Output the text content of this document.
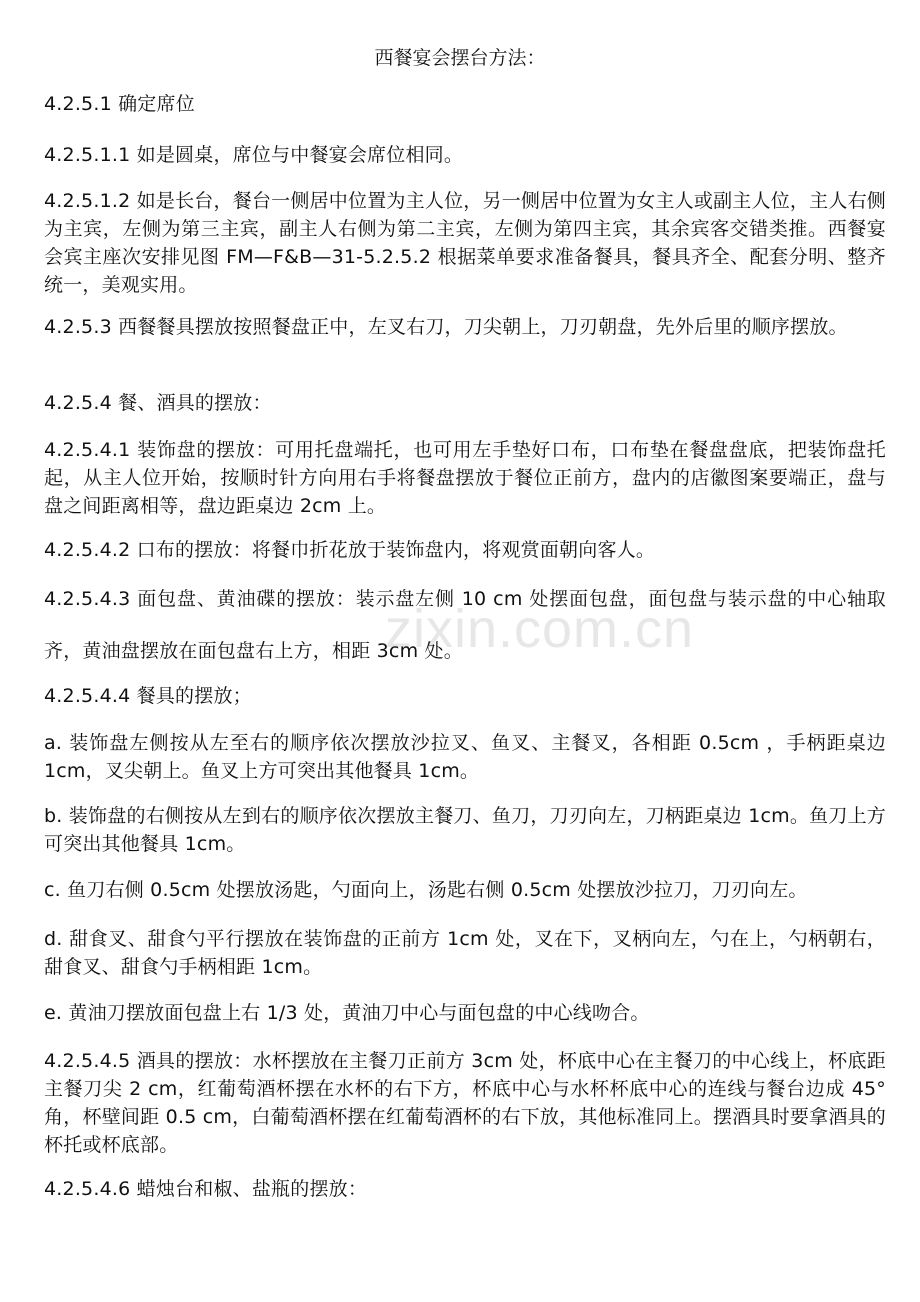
zixin.com.cn
西餐宴会摆台方法：
4.2.5.1 确定席位
4.2.5.1.1 如是圆桌，席位与中餐宴会席位相同。
4.2.5.1.2 如是长台，餐台一侧居中位置为主人位，另一侧居中位置为女主人或副主人位，主人右侧为主宾，左侧为第三主宾，副主人右侧为第二主宾，左侧为第四主宾，其余宾客交错类推。西餐宴会宾主座次安排见图 FM—F&B—31-5.2.5.2 根据菜单要求准备餐具，餐具齐全、配套分明、整齐统一，美观实用。
4.2.5.3 西餐餐具摆放按照餐盘正中，左叉右刀，刀尖朝上，刀刃朝盘，先外后里的顺序摆放。
4.2.5.4 餐、酒具的摆放：
4.2.5.4.1 装饰盘的摆放：可用托盘端托，也可用左手垫好口布，口布垫在餐盘盘底，把装饰盘托起，从主人位开始，按顺时针方向用右手将餐盘摆放于餐位正前方，盘内的店徽图案要端正，盘与盘之间距离相等，盘边距桌边 2cm 上。
4.2.5.4.2 口布的摆放：将餐巾折花放于装饰盘内，将观赏面朝向客人。
4.2.5.4.3 面包盘、黄油碟的摆放：装示盘左侧 10 cm 处摆面包盘，面包盘与装示盘的中心轴取齐，黄油盘摆放在面包盘右上方，相距 3cm 处。
4.2.5.4.4 餐具的摆放；
a. 装饰盘左侧按从左至右的顺序依次摆放沙拉叉、鱼叉、主餐叉，各相距 0.5cm ，手柄距桌边 1cm，叉尖朝上。鱼叉上方可突出其他餐具 1cm。
b. 装饰盘的右侧按从左到右的顺序依次摆放主餐刀、鱼刀，刀刃向左，刀柄距桌边 1cm。鱼刀上方可突出其他餐具 1cm。
c. 鱼刀右侧 0.5cm 处摆放汤匙，勺面向上，汤匙右侧 0.5cm 处摆放沙拉刀，刀刃向左。
d. 甜食叉、甜食勺平行摆放在装饰盘的正前方 1cm 处，叉在下，叉柄向左，勺在上，勺柄朝右，甜食叉、甜食勺手柄相距 1cm。
e. 黄油刀摆放面包盘上右 1/3 处，黄油刀中心与面包盘的中心线吻合。
4.2.5.4.5 酒具的摆放：水杯摆放在主餐刀正前方 3cm 处，杯底中心在主餐刀的中心线上，杯底距主餐刀尖 2 cm，红葡萄酒杯摆在水杯的右下方，杯底中心与水杯杯底中心的连线与餐台边成 45°角，杯壁间距 0.5 cm，白葡萄酒杯摆在红葡萄酒杯的右下放，其他标准同上。摆酒具时要拿酒具的杯托或杯底部。
4.2.5.4.6 蜡烛台和椒、盐瓶的摆放：
